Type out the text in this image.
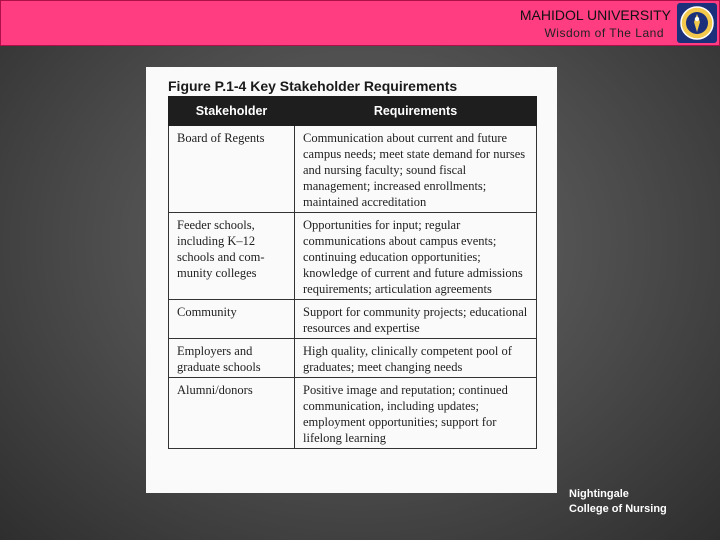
MAHIDOL UNIVERSITY
Wisdom of The Land
Figure P.1-4 Key Stakeholder Requirements
Stakeholder	Requirements
Board of Regents	Communication about current and future campus needs; meet state demand for nurses and nursing faculty; sound fiscal management; increased enrollments; maintained accreditation
Feeder schools, including K–12 schools and com-munity colleges	Opportunities for input; regular communications about campus events; continuing education opportunities; knowledge of current and future admissions requirements; articulation agreements
Community	Support for community projects; educational resources and expertise
Employers and graduate schools	High quality, clinically competent pool of graduates; meet changing needs
Alumni/donors	Positive image and reputation; continued communication, including updates; employment opportunities; support for lifelong learning
Nightingale
College of Nursing
